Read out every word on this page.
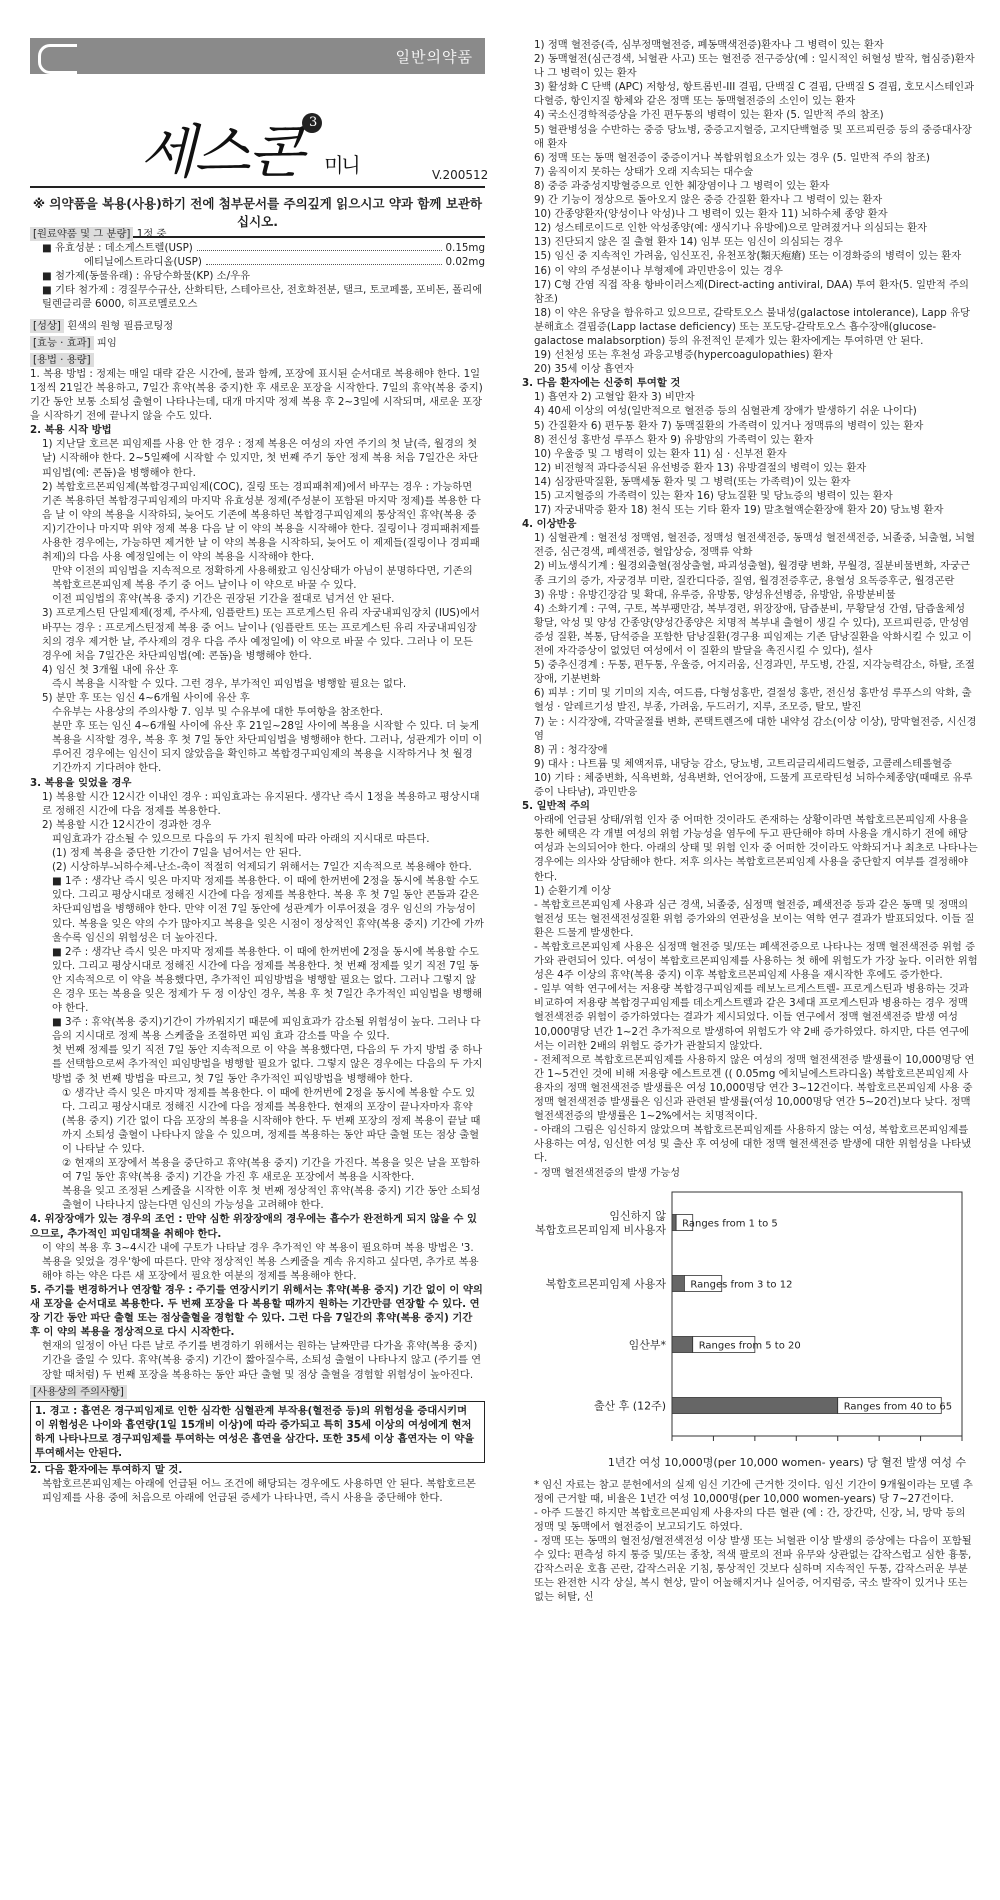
일반의약품
세스콘 3미니	V.200512
※ 의약품을 복용(사용)하기 전에 첨부문서를 주의깊게 읽으시고 약과 함께 보관하십시오.
[원료약품 및 그 분량] 1정 중
■ 유효성분 : 데소게스트렐(USP)	0.15mg
에티닐에스트라디올(USP)	0.02mg
■ 첨가제(동물유래) : 유당수화물(KP) 소/우유
■ 기타 첨가제 : 경질무수규산, 산화티탄, 스테아르산, 전호화전분, 탤크, 토코페롤, 포비돈, 폴리에틸렌글리콜 6000, 히프로멜로오스
[성상] 흰색의 원형 필름코팅정
[효능 · 효과] 피임
[용법 · 용량]

1. 복용 방법 : 정제는 매일 대략 같은 시간에, 물과 함께, 포장에 표시된 순서대로 복용해야 한다. 1일 1정씩 21일간 복용하고, 7일간 휴약(복용 중지)한 후 새로운 포장을 시작한다. 7일의 휴약(복용 중지) 기간 동안 보통 소퇴성 출혈이 나타나는데, 대개 마지막 정제 복용 후 2~3일에 시작되며, 새로운 포장을 시작하기 전에 끝나지 않을 수도 있다.

2. 복용 시작 방법

1) 지난달 호르몬 피임제를 사용 안 한 경우 : 정제 복용은 여성의 자연 주기의 첫 날(즉, 월경의 첫 날) 시작해야 한다. 2~5일째에 시작할 수 있지만, 첫 번째 주기 동안 정제 복용 처음 7일간은 차단피임법(예: 콘돔)을 병행해야 한다.

2) 복합호르몬피임제(복합경구피임제(COC), 질링 또는 경피패취제)에서 바꾸는 경우 : 가능하면 기존 복용하던 복합경구피임제의 마지막 유효성분 정제(주성분이 포함된 마지막 정제)를 복용한 다음 날 이 약의 복용을 시작하되, 늦어도 기존에 복용하던 복합경구피임제의 통상적인 휴약(복용 중지)기간이나 마지막 위약 정제 복용 다음 날 이 약의 복용을 시작해야 한다. 질링이나 경피패취제를 사용한 경우에는, 가능하면 제거한 날 이 약의 복용을 시작하되, 늦어도 이 제제들(질링이나 경피패취제)의 다음 사용 예정일에는 이 약의 복용을 시작해야 한다.

만약 이전의 피임법을 지속적으로 정확하게 사용해왔고 임신상태가 아님이 분명하다면, 기존의 복합호르몬피임제 복용 주기 중 어느 날이나 이 약으로 바꿀 수 있다.

이전 피임법의 휴약(복용 중지) 기간은 권장된 기간을 절대로 넘겨선 안 된다.

3) 프로게스틴 단일제제(정제, 주사제, 임플란트) 또는 프로게스틴 유리 자궁내피임장치 (IUS)에서 바꾸는 경우 : 프로게스틴정제 복용 중 어느 날이나 (임플란트 또는 프로게스틴 유리 자궁내피임장치의 경우 제거한 날, 주사제의 경우 다음 주사 예정일에) 이 약으로 바꿀 수 있다. 그러나 이 모든 경우에 처음 7일간은 차단피임법(예: 콘돔)을 병행해야 한다.

4) 임신 첫 3개월 내에 유산 후

즉시 복용을 시작할 수 있다. 그런 경우, 부가적인 피임법을 병행할 필요는 없다.

5) 분만 후 또는 임신 4~6개월 사이에 유산 후

수유부는 사용상의 주의사항 7. 임부 및 수유부에 대한 투여항을 참조한다.

분만 후 또는 임신 4~6개월 사이에 유산 후 21일~28일 사이에 복용을 시작할 수 있다. 더 늦게 복용을 시작할 경우, 복용 후 첫 7일 동안 차단피임법을 병행해야 한다. 그러나, 성관계가 이미 이루어진 경우에는 임신이 되지 않았음을 확인하고 복합경구피임제의 복용을 시작하거나 첫 월경 기간까지 기다려야 한다.

3. 복용을 잊었을 경우

1) 복용할 시간 12시간 이내인 경우 : 피임효과는 유지된다. 생각난 즉시 1정을 복용하고 평상시대로 정해진 시간에 다음 정제를 복용한다.

2) 복용할 시간 12시간이 경과한 경우

피임효과가 감소될 수 있으므로 다음의 두 가지 원칙에 따라 아래의 지시대로 따른다.

(1) 정제 복용을 중단한 기간이 7일을 넘어서는 안 된다.

(2) 시상하부-뇌하수체-난소-축이 적절히 억제되기 위해서는 7일간 지속적으로 복용해야 한다.

■ 1주 : 생각난 즉시 잊은 마지막 정제를 복용한다. 이 때에 한꺼번에 2정을 동시에 복용할 수도 있다. 그리고 평상시대로 정해진 시간에 다음 정제를 복용한다. 복용 후 첫 7일 동안 콘돔과 같은 차단피임법을 병행해야 한다. 만약 이전 7일 동안에 성관계가 이루어졌을 경우 임신의 가능성이 있다. 복용을 잊은 약의 수가 많아지고 복용을 잊은 시점이 정상적인 휴약(복용 중지) 기간에 가까울수록 임신의 위험성은 더 높아진다.

■ 2주 : 생각난 즉시 잊은 마지막 정제를 복용한다. 이 때에 한꺼번에 2정을 동시에 복용할 수도 있다. 그리고 평상시대로 정해진 시간에 다음 정제를 복용한다. 첫 번째 정제를 잊기 직전 7일 동안 지속적으로 이 약을 복용했다면, 추가적인 피임방법을 병행할 필요는 없다. 그러나 그렇지 않은 경우 또는 복용을 잊은 정제가 두 정 이상인 경우, 복용 후 첫 7일간 추가적인 피임법을 병행해야 한다.

■ 3주 : 휴약(복용 중지)기간이 가까워지기 때문에 피임효과가 감소될 위험성이 높다. 그러나 다음의 지시대로 정제 복용 스케줄을 조절하면 피임 효과 감소를 막을 수 있다.

첫 번째 정제를 잊기 직전 7일 동안 지속적으로 이 약을 복용했다면, 다음의 두 가지 방법 중 하나를 선택함으로써 추가적인 피임방법을 병행할 필요가 없다. 그렇지 않은 경우에는 다음의 두 가지 방법 중 첫 번째 방법을 따르고, 첫 7일 동안 추가적인 피임방법을 병행해야 한다.

① 생각난 즉시 잊은 마지막 정제를 복용한다. 이 때에 한꺼번에 2정을 동시에 복용할 수도 있다. 그리고 평상시대로 정해진 시간에 다음 정제를 복용한다. 현재의 포장이 끝나자마자 휴약(복용 중지) 기간 없이 다음 포장의 복용을 시작해야 한다. 두 번째 포장의 정제 복용이 끝날 때까지 소퇴성 출혈이 나타나지 않을 수 있으며, 정제를 복용하는 동안 파단 출혈 또는 점상 출혈이 나타날 수 있다.

② 현재의 포장에서 복용을 중단하고 휴약(복용 중지) 기간을 가진다. 복용을 잊은 날을 포함하여 7일 동안 휴약(복용 중지) 기간을 가진 후 새로운 포장에서 복용을 시작한다.

복용을 잊고 조정된 스케줄을 시작한 이후 첫 번째 정상적인 휴약(복용 중지) 기간 동안 소퇴성 출혈이 나타나지 않는다면 임신의 가능성을 고려해야 한다.

4. 위장장애가 있는 경우의 조언 : 만약 심한 위장장애의 경우에는 흡수가 완전하게 되지 않을 수 있으므로, 추가적인 피임대책을 취해야 한다.

이 약의 복용 후 3~4시간 내에 구토가 나타날 경우 추가적인 약 복용이 필요하며 복용 방법은 '3. 복용을 잊었을 경우'항에 따른다. 만약 정상적인 복용 스케줄을 계속 유지하고 싶다면, 추가로 복용해야 하는 약은 다른 새 포장에서 필요한 여분의 정제를 복용해야 한다.

5. 주기를 변경하거나 연장할 경우 : 주기를 연장시키기 위해서는 휴약(복용 중지) 기간 없이 이 약의 새 포장을 순서대로 복용한다. 두 번째 포장을 다 복용할 때까지 원하는 기간만큼 연장할 수 있다. 연장 기간 동안 파단 출혈 또는 점상출혈을 경험할 수 있다. 그런 다음 7일간의 휴약(복용 중지) 기간 후 이 약의 복용을 정상적으로 다시 시작한다.

현재의 일정이 아닌 다른 날로 주기를 변경하기 위해서는 원하는 날짜만큼 다가올 휴약(복용 중지) 기간을 줄일 수 있다. 휴약(복용 중지) 기간이 짧아질수록, 소퇴성 출혈이 나타나지 않고 (주기를 연장할 때처럼) 두 번째 포장을 복용하는 동안 파단 출혈 및 점상 출혈을 경험할 위험성이 높아진다.

[사용상의 주의사항]
1. 경고 : 흡연은 경구피임제로 인한 심각한 심혈관계 부작용(혈전증 등)의 위험성을 증대시키며 이 위험성은 나이와 흡연량(1일 15개비 이상)에 따라 증가되고 특히 35세 이상의 여성에게 현저하게 나타나므로 경구피임제를 투여하는 여성은 흡연을 삼간다. 또한 35세 이상 흡연자는 이 약을 투여해서는 안된다.

2. 다음 환자에는 투여하지 말 것.

복합호르몬피임제는 아래에 언급된 어느 조건에 해당되는 경우에도 사용하면 안 된다. 복합호르몬피임제를 사용 중에 처음으로 아래에 언급된 증세가 나타나면, 즉시 사용을 중단해야 한다.

1) 정맥 혈전증(즉, 심부정맥혈전증, 폐동맥색전증)환자나 그 병력이 있는 환자

2) 동맥혈전(심근경색, 뇌혈관 사고) 또는 혈전증 전구증상(예 : 일시적인 허혈성 발작, 협심증)환자나 그 병력이 있는 환자

3) 활성화 C 단백 (APC) 저항성, 항트롬빈-III 결핍, 단백질 C 결핍, 단백질 S 결핍, 호모시스테인과다혈증, 항인지질 항체와 같은 정맥 또는 동맥혈전증의 소인이 있는 환자

4) 국소신경학적증상을 가진 편두통의 병력이 있는 환자 (5. 일반적 주의 참조)

5) 혈관병성을 수반하는 중증 당뇨병, 중증고지혈증, 고지단백혈증 및 포르피린증 등의 중증대사장애 환자

6) 정맥 또는 동맥 혈전증이 중증이거나 복합위험요소가 있는 경우 (5. 일반적 주의 참조)

7) 움직이지 못하는 상태가 오래 지속되는 대수술

8) 중증 과중성지방혈증으로 인한 췌장염이나 그 병력이 있는 환자

9) 간 기능이 정상으로 돌아오지 않은 중증 간질환 환자나 그 병력이 있는 환자

10) 간종양환자(양성이나 악성)나 그 병력이 있는 환자 11) 뇌하수체 종양 환자

12) 성스테로이드로 인한 악성종양(예: 생식기나 유방에)으로 알려졌거나 의심되는 환자

13) 진단되지 않은 질 출혈 환자 14) 임부 또는 임신이 의심되는 경우

15) 임신 중 지속적인 가려움, 임신포진, 유천포창(類天疱瘡) 또는 이경화증의 병력이 있는 환자

16) 이 약의 주성분이나 부형제에 과민반응이 있는 경우

17) C형 간염 직접 작용 항바이러스제(Direct-acting antiviral, DAA) 투여 환자(5. 일반적 주의 참조)

18) 이 약은 유당을 함유하고 있으므로, 갈락토오스 불내성(galactose intolerance), Lapp 유당분해효소 결핍증(Lapp lactase deficiency) 또는 포도당-갈락토오스 흡수장애(glucose-galactose malabsorption) 등의 유전적인 문제가 있는 환자에게는 투여하면 안 된다.

19) 선천성 또는 후천성 과응고병증(hypercoagulopathies) 환자

20) 35세 이상 흡연자

3. 다음 환자에는 신중히 투여할 것

1) 흡연자 2) 고혈압 환자 3) 비만자

4) 40세 이상의 여성(일반적으로 혈전증 등의 심혈관계 장애가 발생하기 쉬운 나이다)

5) 간질환자 6) 편두통 환자 7) 동맥질환의 가족력이 있거나 정맥류의 병력이 있는 환자

8) 전신성 홍반성 루푸스 환자 9) 유방암의 가족력이 있는 환자

10) 우울증 및 그 병력이 있는 환자 11) 심 · 신부전 환자

12) 비전형적 과다증식된 유선병증 환자 13) 유방결절의 병력이 있는 환자

14) 심장판막질환, 동맥세동 환자 및 그 병력(또는 가족력)이 있는 환자

15) 고지혈증의 가족력이 있는 환자 16) 당뇨질환 및 당뇨증의 병력이 있는 환자

17) 자궁내막증 환자 18) 천식 또는 기타 환자 19) 말초혈액순환장애 환자 20) 당뇨병 환자

4. 이상반응

1) 심혈관계 : 혈전성 정맥염, 혈전증, 정맥성 혈전색전증, 동맥성 혈전색전증, 뇌졸중, 뇌출혈, 뇌혈전증, 심근경색, 폐색전증, 혈압상승, 정맥류 악화

2) 비뇨생식기계 : 월경외출혈(점상출혈, 파괴성출혈), 월경량 변화, 무월경, 질분비물변화, 자궁근종 크기의 증가, 자궁경부 미란, 질칸디다증, 질염, 월경전증후군, 용혈성 요독증후군, 월경곤란

3) 유방 : 유방긴장감 및 확대, 유루증, 유방통, 양성유선병증, 유방암, 유방분비물

4) 소화기계 : 구역, 구토, 복부팽만감, 복부경련, 위장장애, 담즙분비, 무황달성 간염, 담즙울체성 황달, 악성 및 양성 간종양(양성간종양은 치명적 복부내 출혈이 생길 수 있다), 포르피린증, 만성염증성 질환, 복통, 담석증을 포함한 담낭질환(경구용 피임제는 기존 담낭질환을 악화시킬 수 있고 이전에 자각증상이 없었던 여성에서 이 질환의 발달을 촉진시킬 수 있다), 설사

5) 중추신경계 : 두통, 편두통, 우울증, 어지러움, 신경과민, 무도병, 간질, 지각능력감소, 하탈, 조절장애, 기분변화

6) 피부 : 기미 및 기미의 지속, 여드름, 다형성홍반, 결절성 홍반, 전신성 홍반성 루푸스의 악화, 출혈성 · 알레르기성 발진, 부종, 가려움, 두드러기, 지루, 조모증, 탈모, 발진

7) 눈 : 시각장애, 각막굴절률 변화, 콘택트렌즈에 대한 내약성 감소(이상 이상), 망막혈전증, 시신경염

8) 귀 : 청각장애

9) 대사 : 나트륨 및 체액저류, 내당능 감소, 당뇨병, 고트리글리세리드혈증, 고콜레스테롤혈증

10) 기타 : 체중변화, 식욕변화, 성욕변화, 언어장애, 드물게 프로락틴성 뇌하수체종양(때때로 유루증이 나타남), 과민반응

5. 일반적 주의

아래에 언급된 상태/위험 인자 중 어떠한 것이라도 존재하는 상황이라면 복합호르몬피임제 사용을 통한 혜택은 각 개별 여성의 위험 가능성을 염두에 두고 판단해야 하며 사용을 개시하기 전에 해당 여성과 논의되어야 한다. 아래의 상태 및 위험 인자 중 어떠한 것이라도 악화되거나 최초로 나타나는 경우에는 의사와 상담해야 한다. 저후 의사는 복합호르몬피임제 사용을 중단할지 여부를 결정해야 한다.

1) 순환기계 이상

- 복합호르몬피임제 사용과 심근 경색, 뇌졸중, 심정맥 혈전증, 폐색전증 등과 같은 동맥 및 정맥의 혈전성 또는 혈전색전성질환 위험 증가와의 연관성을 보이는 역학 연구 결과가 발표되었다. 이들 질환은 드물게 발생한다.

- 복합호르몬피임제 사용은 심정맥 혈전증 및/또는 폐색전증으로 나타나는 정맥 혈전색전증 위험 증가와 관련되어 있다. 여성이 복합호르몬피임제를 사용하는 첫 해에 위험도가 가장 높다. 이러한 위험성은 4주 이상의 휴약(복용 중지) 이후 복합호르몬피임제 사용을 재시작한 후에도 증가한다.

- 일부 역학 연구에서는 저용량 복합경구피임제를 레보노르게스트렐- 프로게스틴과 병용하는 것과 비교하여 저용량 복합경구피임제를 데소게스트렐과 같은 3세대 프로게스틴과 병용하는 경우 정맥 혈전색전증 위험이 증가하였다는 결과가 제시되었다. 이들 연구에서 정맥 혈전색전증 발생 여성 10,000명당 년간 1~2건 추가적으로 발생하여 위험도가 약 2배 증가하였다. 하지만, 다른 연구에서는 이러한 2배의 위험도 증가가 관찰되지 않았다.

- 전체적으로 복합호르몬피임제를 사용하지 않은 여성의 정맥 혈전색전증 발생률이 10,000명당 연간 1~5건인 것에 비해 저용량 에스트로겐 (( 0.05mg 에치닐에스트라디올) 복합호르몬피임제 사용자의 정맥 혈전색전증 발생률은 여성 10,000명당 연간 3~12건이다. 복합호르몬피임제 사용 중 정맥 혈전색전증 발생률은 임신과 관련된 발생률(여성 10,000명당 연간 5~20건)보다 낮다. 정맥 혈전색전증의 발생률은 1~2%에서는 치명적이다.

- 아래의 그림은 임신하지 않았으며 복합호르몬피임제를 사용하지 않는 여성, 복합호르몬피임제를 사용하는 여성, 임신한 여성 및 출산 후 여성에 대한 정맥 혈전색전증 발생에 대한 위험성을 나타냈다.

- 정맥 혈전색전증의 발생 가능성

Ranges from 1 to 5
임신하지 않
복합호르몬피임제 비사용자
Ranges from 3 to 12
복합호르몬피임제 사용자
Ranges from 5 to 20
임산부*
Ranges from 40 to 65
출산 후 (12주)
1년간 여성 10,000명(per 10,000 women- years) 당 혈전 발생 여성 수

* 임신 자료는 참고 문헌에서의 실제 임신 기간에 근거한 것이다. 임신 기간이 9개월이라는 모델 추정에 근거할 때, 비율은 1년간 여성 10,000명(per 10,000 women-years) 당 7~27건이다.

- 아주 드물긴 하지만 복합호르몬피임제 사용자의 다른 혈관 (예 : 간, 장간막, 신장, 뇌, 망막 등의 정맥 및 동맥에서 혈전증이 보고되기도 하였다.

- 정맥 또는 동맥의 혈전성/혈전색전성 이상 발생 또는 뇌혈관 이상 발생의 증상에는 다음이 포함될 수 있다: 편측성 하지 통증 및/또는 종창, 적색 팔로의 전파 유무와 상관없는 갑작스럽고 심한 흉통, 갑작스러운 호흡 곤란, 갑작스러운 기침, 통상적인 것보다 심하며 지속적인 두통, 갑작스러운 부분 또는 완전한 시각 상실, 복시 현상, 말이 어눌해지거나 실어증, 어지럼증, 국소 발작이 있거나 또는 없는 허탈, 신
